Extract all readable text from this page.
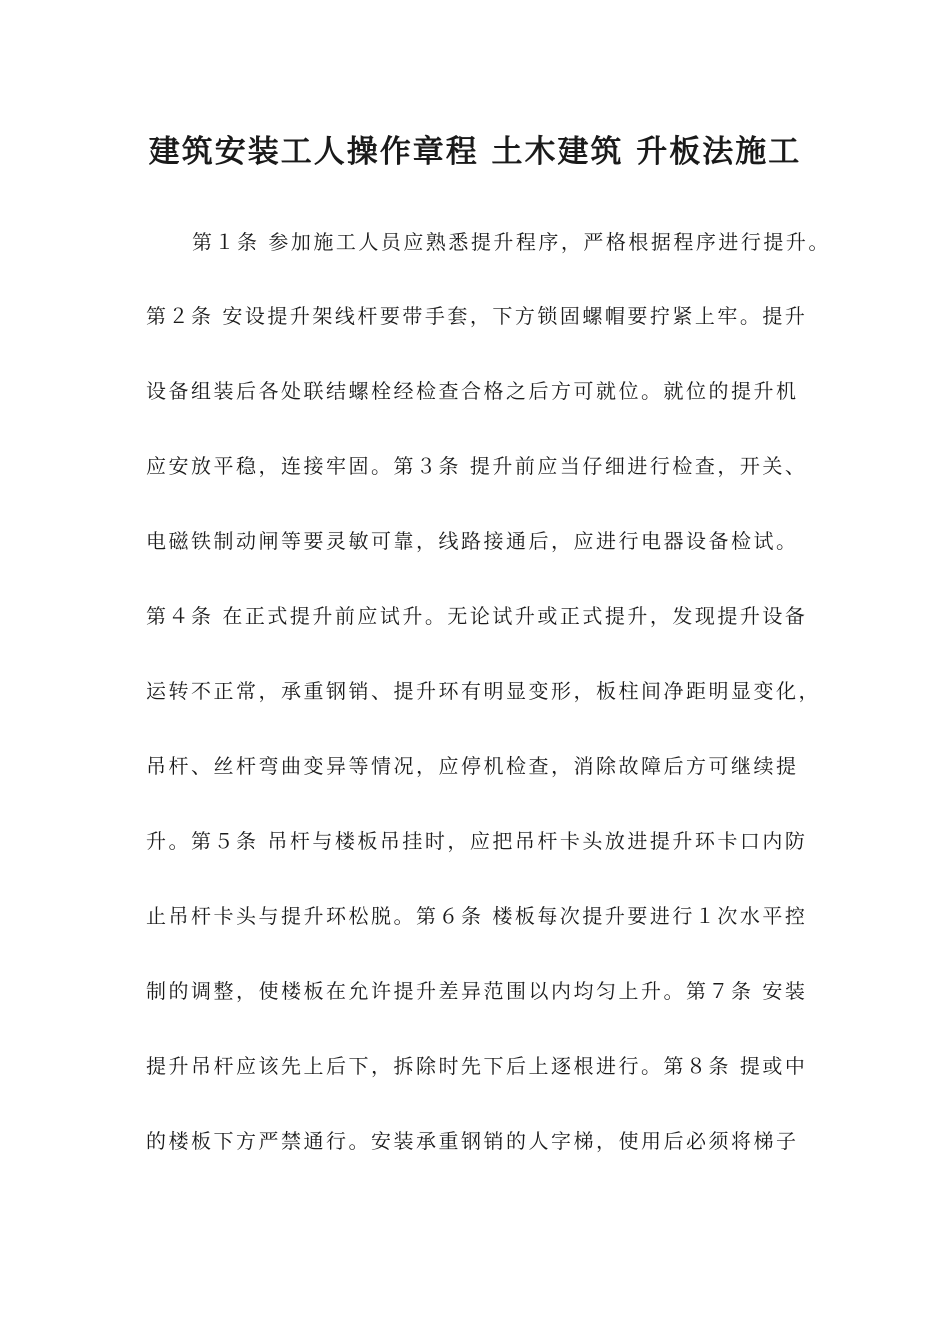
建筑安装工人操作章程 土木建筑 升板法施工
第１条 参加施工人员应熟悉提升程序，严格根据程序进行提升。
第２条 安设提升架线杆要带手套，下方锁固螺帽要拧紧上牢。提升
设备组装后各处联结螺栓经检查合格之后方可就位。就位的提升机
应安放平稳，连接牢固。第３条 提升前应当仔细进行检查，开关、
电磁铁制动闸等要灵敏可靠，线路接通后，应进行电器设备检试。
第４条 在正式提升前应试升。无论试升或正式提升，发现提升设备
运转不正常，承重钢销、提升环有明显变形，板柱间净距明显变化，
吊杆、丝杆弯曲变异等情况，应停机检查，消除故障后方可继续提
升。第５条 吊杆与楼板吊挂时，应把吊杆卡头放进提升环卡口内防
止吊杆卡头与提升环松脱。第６条 楼板每次提升要进行１次水平控
制的调整，使楼板在允许提升差异范围以内均匀上升。第７条 安装
提升吊杆应该先上后下，拆除时先下后上逐根进行。第８条 提或中
的楼板下方严禁通行。安装承重钢销的人字梯，使用后必须将梯子
